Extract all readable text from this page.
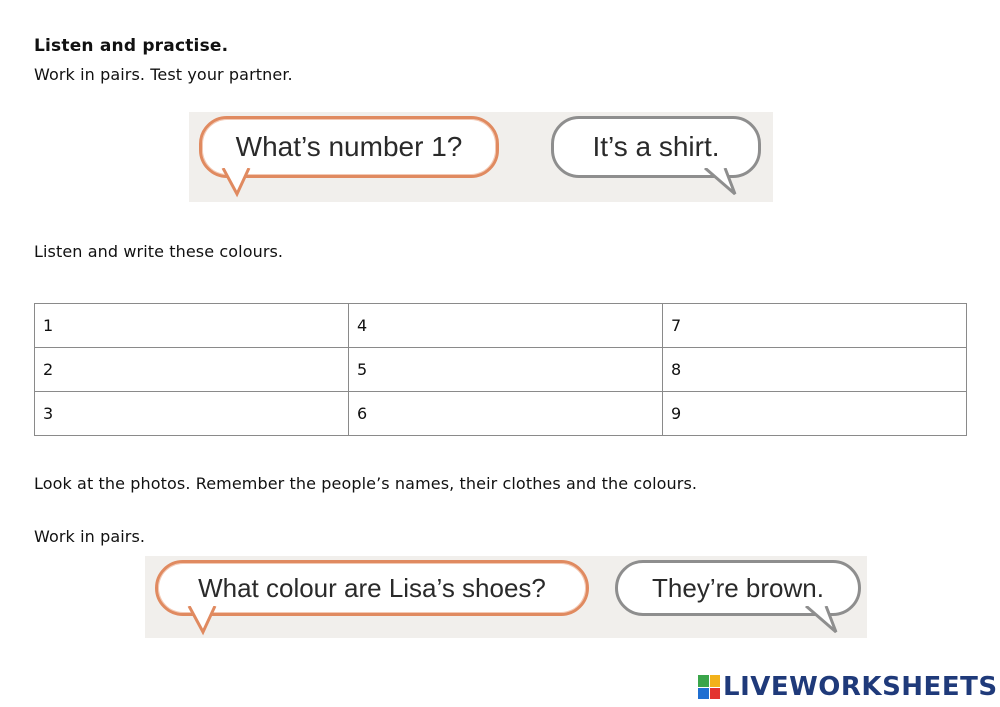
Listen and practise.
Work in pairs. Test your partner.
What’s number 1?	It’s a shirt.
Listen and write these colours.
1	4	7
2	5	8
3	6	9
Look at the photos. Remember the people’s names, their clothes and the colours.
Work in pairs.
What colour are Lisa’s shoes?	They’re brown.
LIVEWORKSHEETS
